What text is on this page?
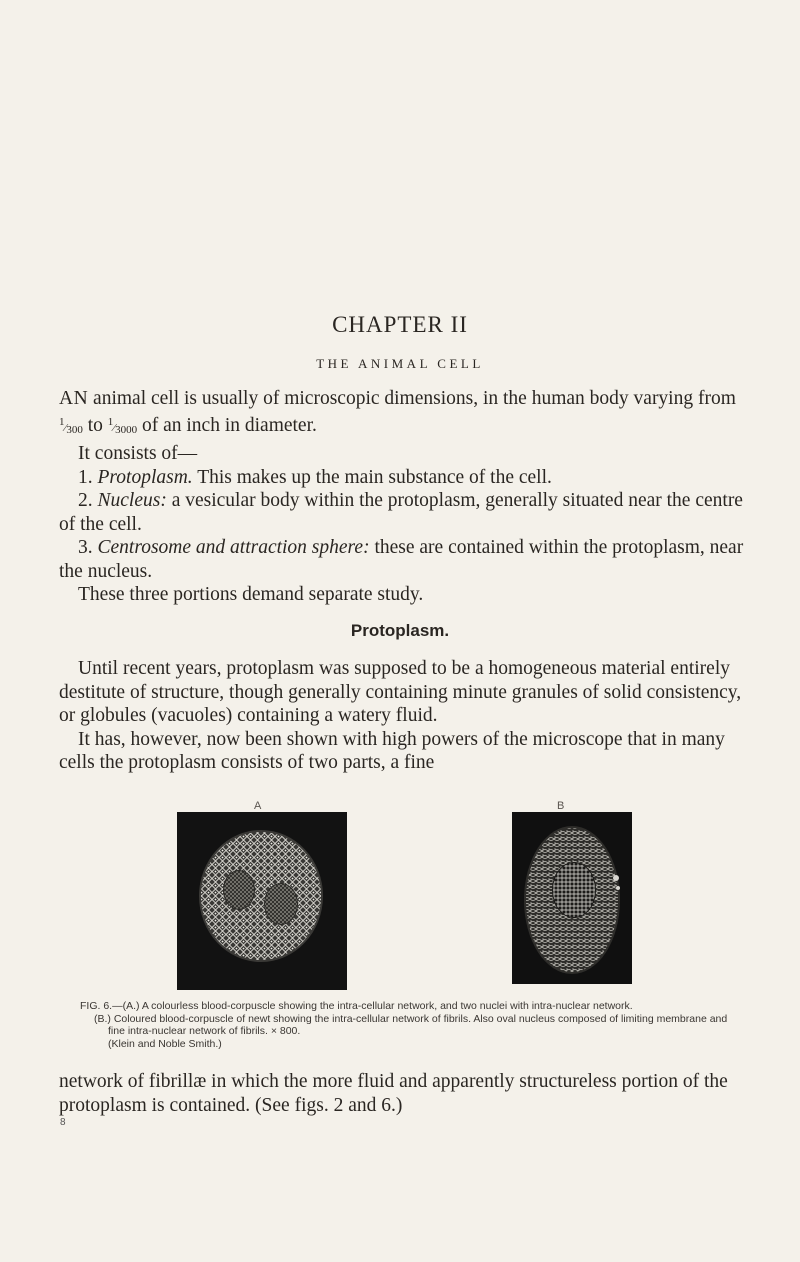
CHAPTER II
THE ANIMAL CELL

AN animal cell is usually of microscopic dimensions, in the human body varying from 1⁄300 to 1⁄3000 of an inch in diameter.

It consists of—

1. Protoplasm. This makes up the main substance of the cell.

2. Nucleus: a vesicular body within the protoplasm, generally situated near the centre of the cell.

3. Centrosome and attraction sphere: these are contained within the protoplasm, near the nucleus.

These three portions demand separate study.

Protoplasm.

Until recent years, protoplasm was supposed to be a homogeneous material entirely destitute of structure, though generally containing minute granules of solid consistency, or globules (vacuoles) containing a watery fluid.

It has, however, now been shown with high powers of the microscope that in many cells the protoplasm consists of two parts, a fine

A	B

FIG. 6.—(A.) A colourless blood-corpuscle showing the intra-cellular network, and two nuclei with intra-nuclear network.

(B.) Coloured blood-corpuscle of newt showing the intra-cellular network of fibrils. Also oval nucleus composed of limiting membrane and fine intra-nuclear network of fibrils. × 800.

(Klein and Noble Smith.)

network of fibrillæ in which the more fluid and apparently structureless portion of the protoplasm is contained. (See figs. 2 and 6.)

8
